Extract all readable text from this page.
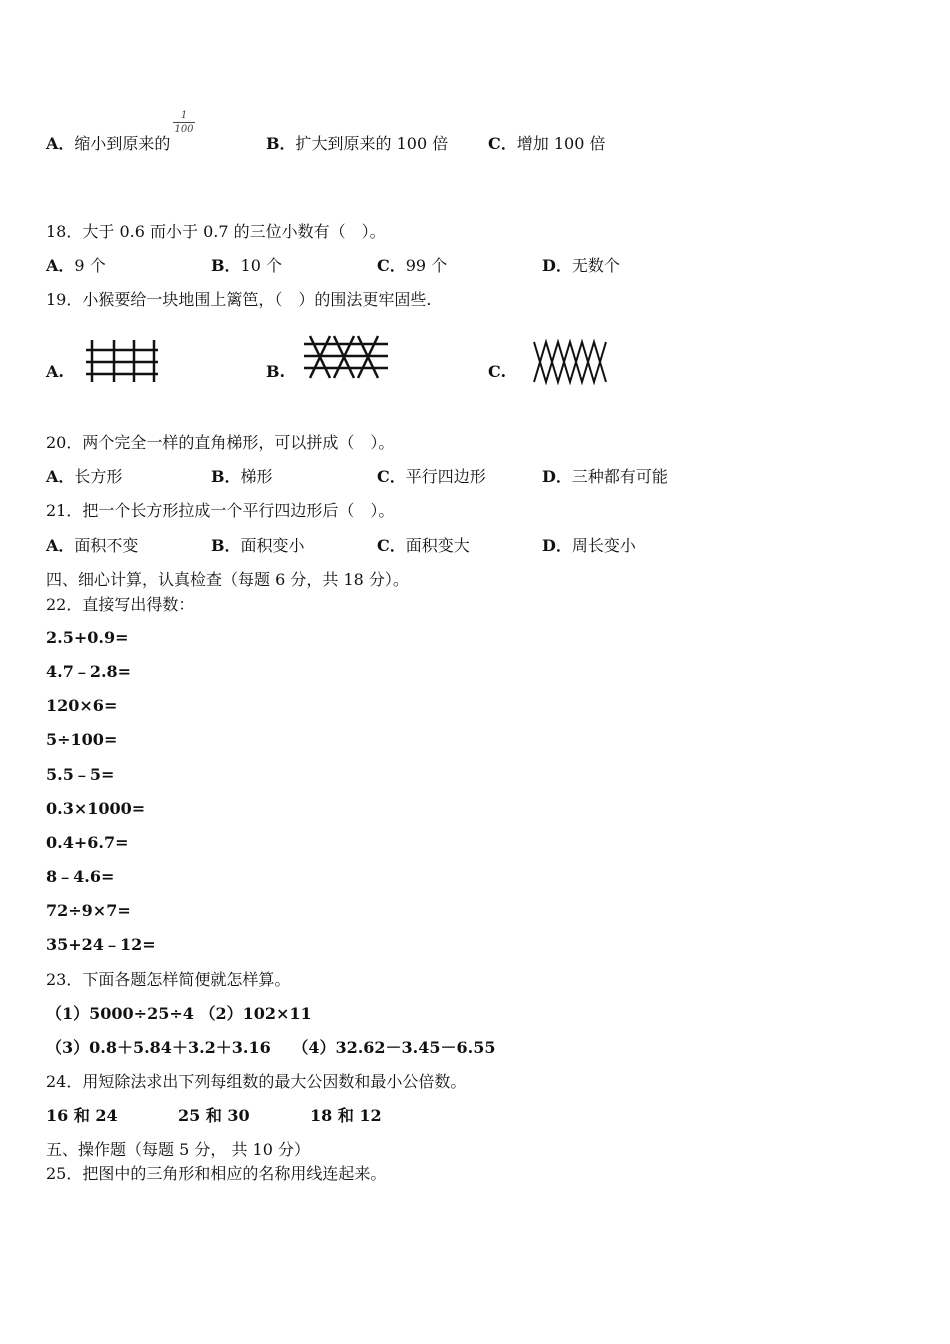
A．缩小到原来的
1
100
B．扩大到原来的 100 倍 C．增加 100 倍
18．大于 0.6 而小于 0.7 的三位小数有（　）。
A．9 个	B．10 个	C．99 个	D．无数个
19．小猴要给一块地围上篱笆，（　）的围法更牢固些.
A.	B.	C.
20．两个完全一样的直角梯形，可以拼成（　）。
A．长方形	B．梯形	C．平行四边形	D．三种都有可能
21．把一个长方形拉成一个平行四边形后（　）。
A．面积不变	B．面积变小	C．面积变大	D．周长变小
四、细心计算，认真检查（每题 6 分，共 18 分）。
22．直接写出得数：
2.5+0.9=
4.7﹣2.8=
120×6=
5÷100=
5.5﹣5=
0.3×1000=
0.4+6.7=
8﹣4.6=
72÷9×7=
35+24﹣12=
23．下面各题怎样简便就怎样算。
（1）5000÷25÷4 （2）102×11
（3）0.8＋5.84＋3.2＋3.16　 （4）32.62－3.45－6.55
24．用短除法求出下列每组数的最大公因数和最小公倍数。
16 和 24	25 和 30	18 和 12
五、操作题（每题 5 分， 共 10 分）
25．把图中的三角形和相应的名称用线连起来。
